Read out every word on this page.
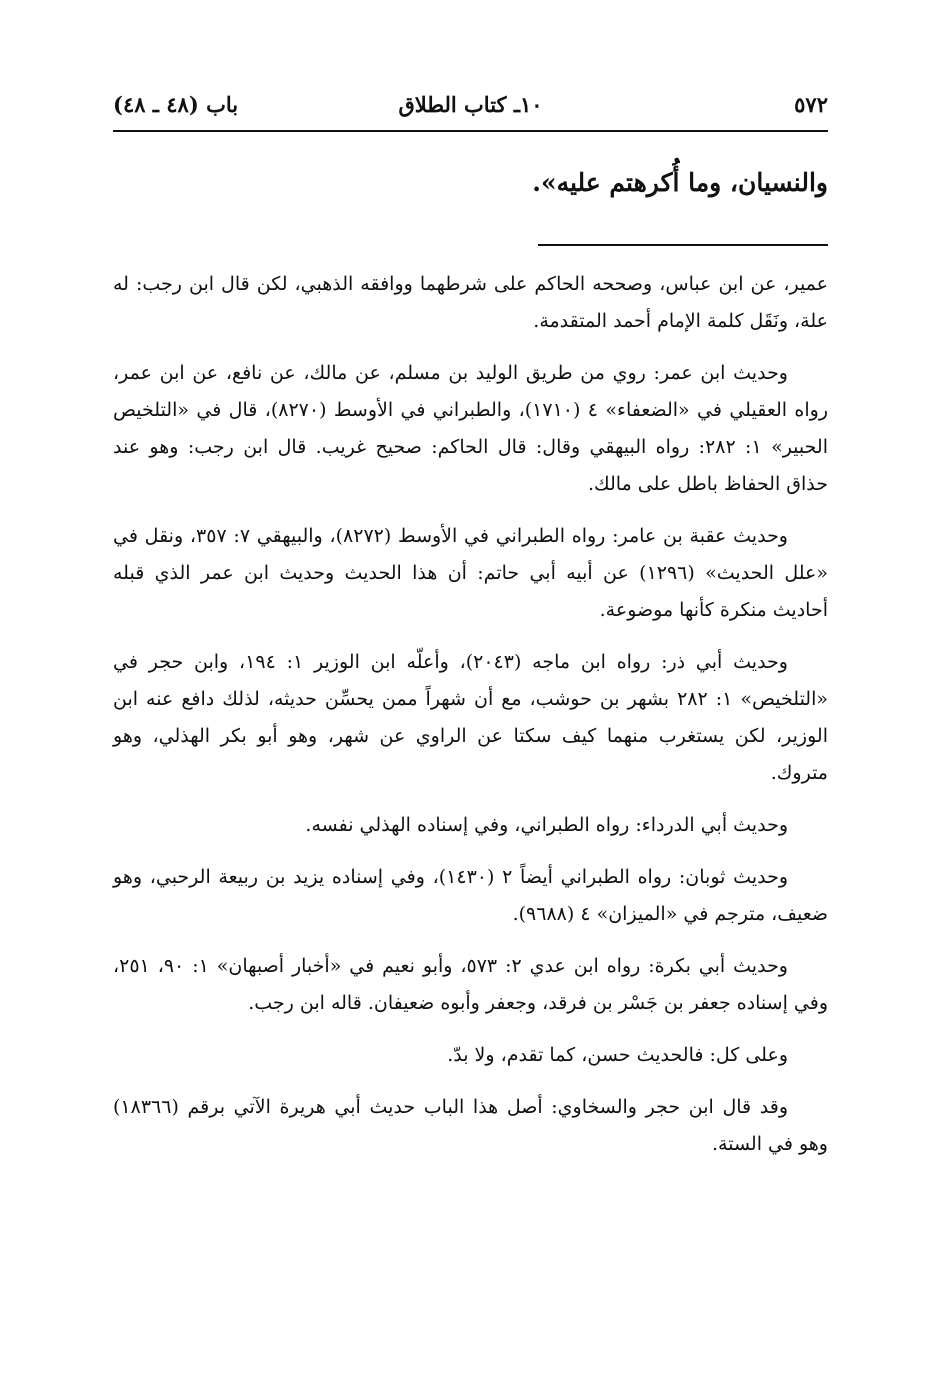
٥٧٢
١٠ـ كتاب الطلاق
باب (٤٨ ـ ٤٨)
والنسيان، وما أُكرهتم عليه».

عمير، عن ابن عباس، وصححه الحاكم على شرطهما ووافقه الذهبي، لكن قال ابن رجب: له علة، ونَقَل كلمة الإمام أحمد المتقدمة.

وحديث ابن عمر: روي من طريق الوليد بن مسلم، عن مالك، عن نافع، عن ابن عمر، رواه العقيلي في «الضعفاء» ٤ (١٧١٠)، والطبراني في الأوسط (٨٢٧٠)، قال في «التلخيص الحبير» ١: ٢٨٢: رواه البيهقي وقال: قال الحاكم: صحيح غريب. قال ابن رجب: وهو عند حذاق الحفاظ باطل على مالك.

وحديث عقبة بن عامر: رواه الطبراني في الأوسط (٨٢٧٢)، والبيهقي ٧: ٣٥٧، ونقل في «علل الحديث» (١٢٩٦) عن أبيه أبي حاتم: أن هذا الحديث وحديث ابن عمر الذي قبله أحاديث منكرة كأنها موضوعة.

وحديث أبي ذر: رواه ابن ماجه (٢٠٤٣)، وأعلّه ابن الوزير ١: ١٩٤، وابن حجر في «التلخيص» ١: ٢٨٢ بشهر بن حوشب، مع أن شهراً ممن يحسِّن حديثه، لذلك دافع عنه ابن الوزير، لكن يستغرب منهما كيف سكتا عن الراوي عن شهر، وهو أبو بكر الهذلي، وهو متروك.

وحديث أبي الدرداء: رواه الطبراني، وفي إسناده الهذلي نفسه.

وحديث ثوبان: رواه الطبراني أيضاً ٢ (١٤٣٠)، وفي إسناده يزيد بن ربيعة الرحبي، وهو ضعيف، مترجم في «الميزان» ٤ (٩٦٨٨).

وحديث أبي بكرة: رواه ابن عدي ٢: ٥٧٣، وأبو نعيم في «أخبار أصبهان» ١: ٩٠، ٢٥١، وفي إسناده جعفر بن جَسْر بن فرقد، وجعفر وأبوه ضعيفان. قاله ابن رجب.

وعلى كل: فالحديث حسن، كما تقدم، ولا بدّ.

وقد قال ابن حجر والسخاوي: أصل هذا الباب حديث أبي هريرة الآتي برقم (١٨٣٦٦) وهو في الستة.
